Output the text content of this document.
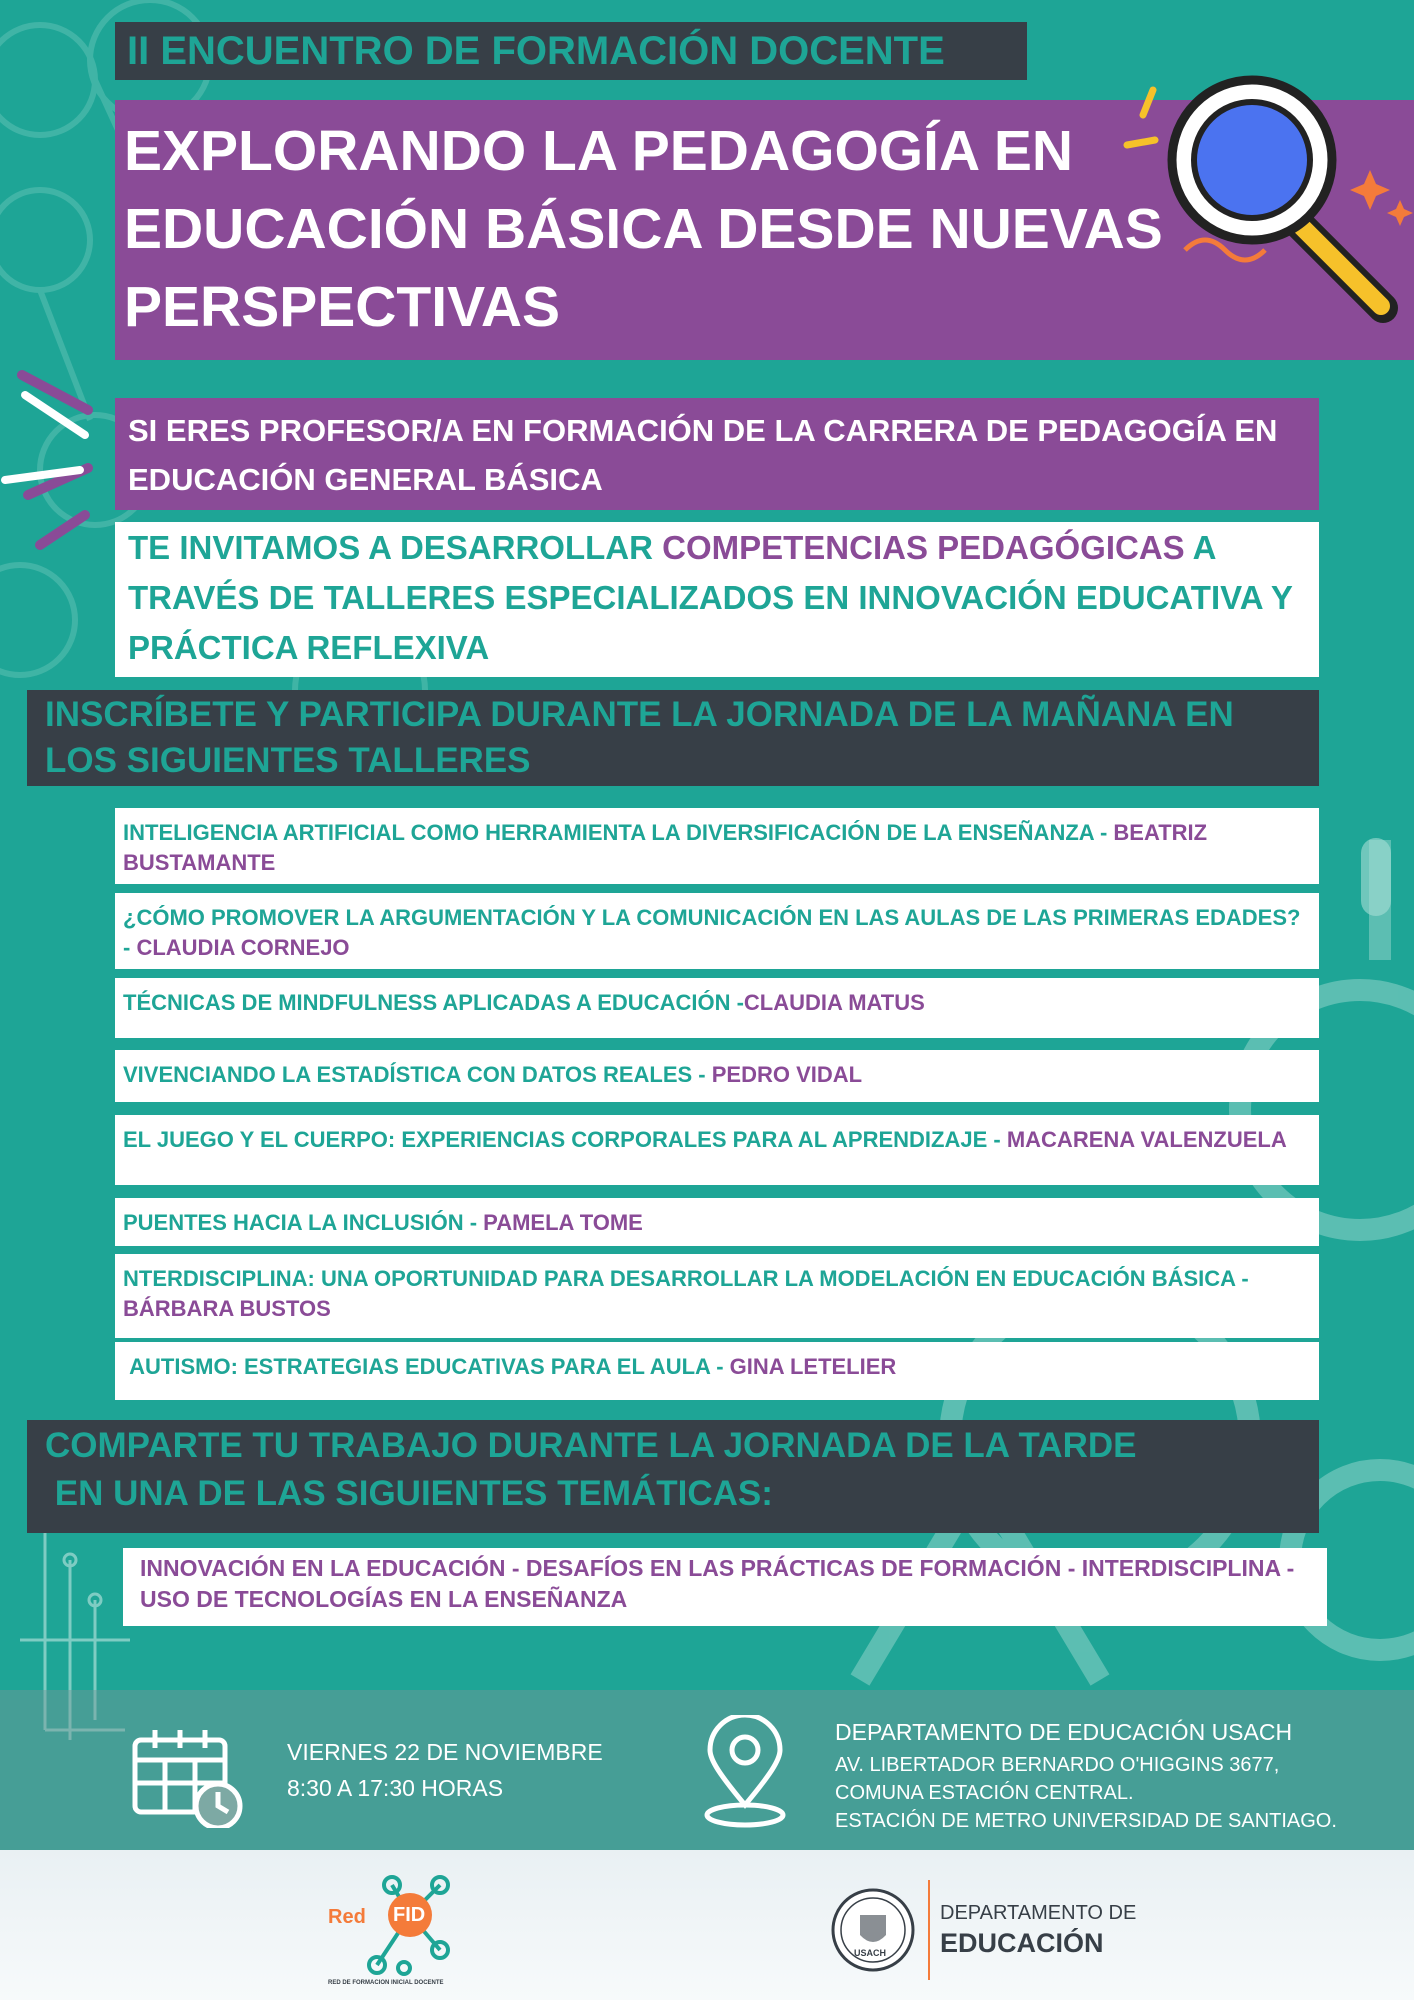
II ENCUENTRO DE FORMACIÓN DOCENTE
EXPLORANDO LA PEDAGOGÍA EN EDUCACIÓN BÁSICA DESDE NUEVAS PERSPECTIVAS
SI ERES PROFESOR/A EN FORMACIÓN DE LA CARRERA DE PEDAGOGÍA EN EDUCACIÓN GENERAL BÁSICA
TE INVITAMOS A DESARROLLAR COMPETENCIAS PEDAGÓGICAS A TRAVÉS DE TALLERES ESPECIALIZADOS EN INNOVACIÓN EDUCATIVA Y PRÁCTICA REFLEXIVA
INSCRÍBETE Y PARTICIPA DURANTE LA JORNADA DE LA MAÑANA EN LOS SIGUIENTES TALLERES
INTELIGENCIA ARTIFICIAL COMO HERRAMIENTA LA DIVERSIFICACIÓN DE LA ENSEÑANZA - BEATRIZ BUSTAMANTE
¿CÓMO PROMOVER LA ARGUMENTACIÓN Y LA COMUNICACIÓN EN LAS AULAS DE LAS PRIMERAS EDADES? - CLAUDIA CORNEJO
TÉCNICAS DE MINDFULNESS APLICADAS A EDUCACIÓN -CLAUDIA MATUS
VIVENCIANDO LA ESTADÍSTICA CON DATOS REALES - PEDRO VIDAL
EL JUEGO Y EL CUERPO: EXPERIENCIAS CORPORALES PARA AL APRENDIZAJE - MACARENA VALENZUELA
PUENTES HACIA LA INCLUSIÓN - PAMELA TOME
NTERDISCIPLINA: UNA OPORTUNIDAD PARA DESARROLLAR LA MODELACIÓN EN EDUCACIÓN BÁSICA - BÁRBARA BUSTOS
AUTISMO: ESTRATEGIAS EDUCATIVAS PARA EL AULA - GINA LETELIER
COMPARTE TU TRABAJO DURANTE LA JORNADA DE LA TARDE
EN UNA DE LAS SIGUIENTES TEMÁTICAS:
INNOVACIÓN EN LA EDUCACIÓN - DESAFÍOS EN LAS PRÁCTICAS DE FORMACIÓN - INTERDISCIPLINA - USO DE TECNOLOGÍAS EN LA ENSEÑANZA
VIERNES 22 DE NOVIEMBRE
8:30 A 17:30 HORAS
DEPARTAMENTO DE EDUCACIÓN USACH
AV. LIBERTADOR BERNARDO O'HIGGINS 3677,
COMUNA ESTACIÓN CENTRAL.
ESTACIÓN DE METRO UNIVERSIDAD DE SANTIAGO.
Red FID
RED DE FORMACION INICIAL DOCENTE
USACH
DEPARTAMENTO DE
EDUCACIÓN
